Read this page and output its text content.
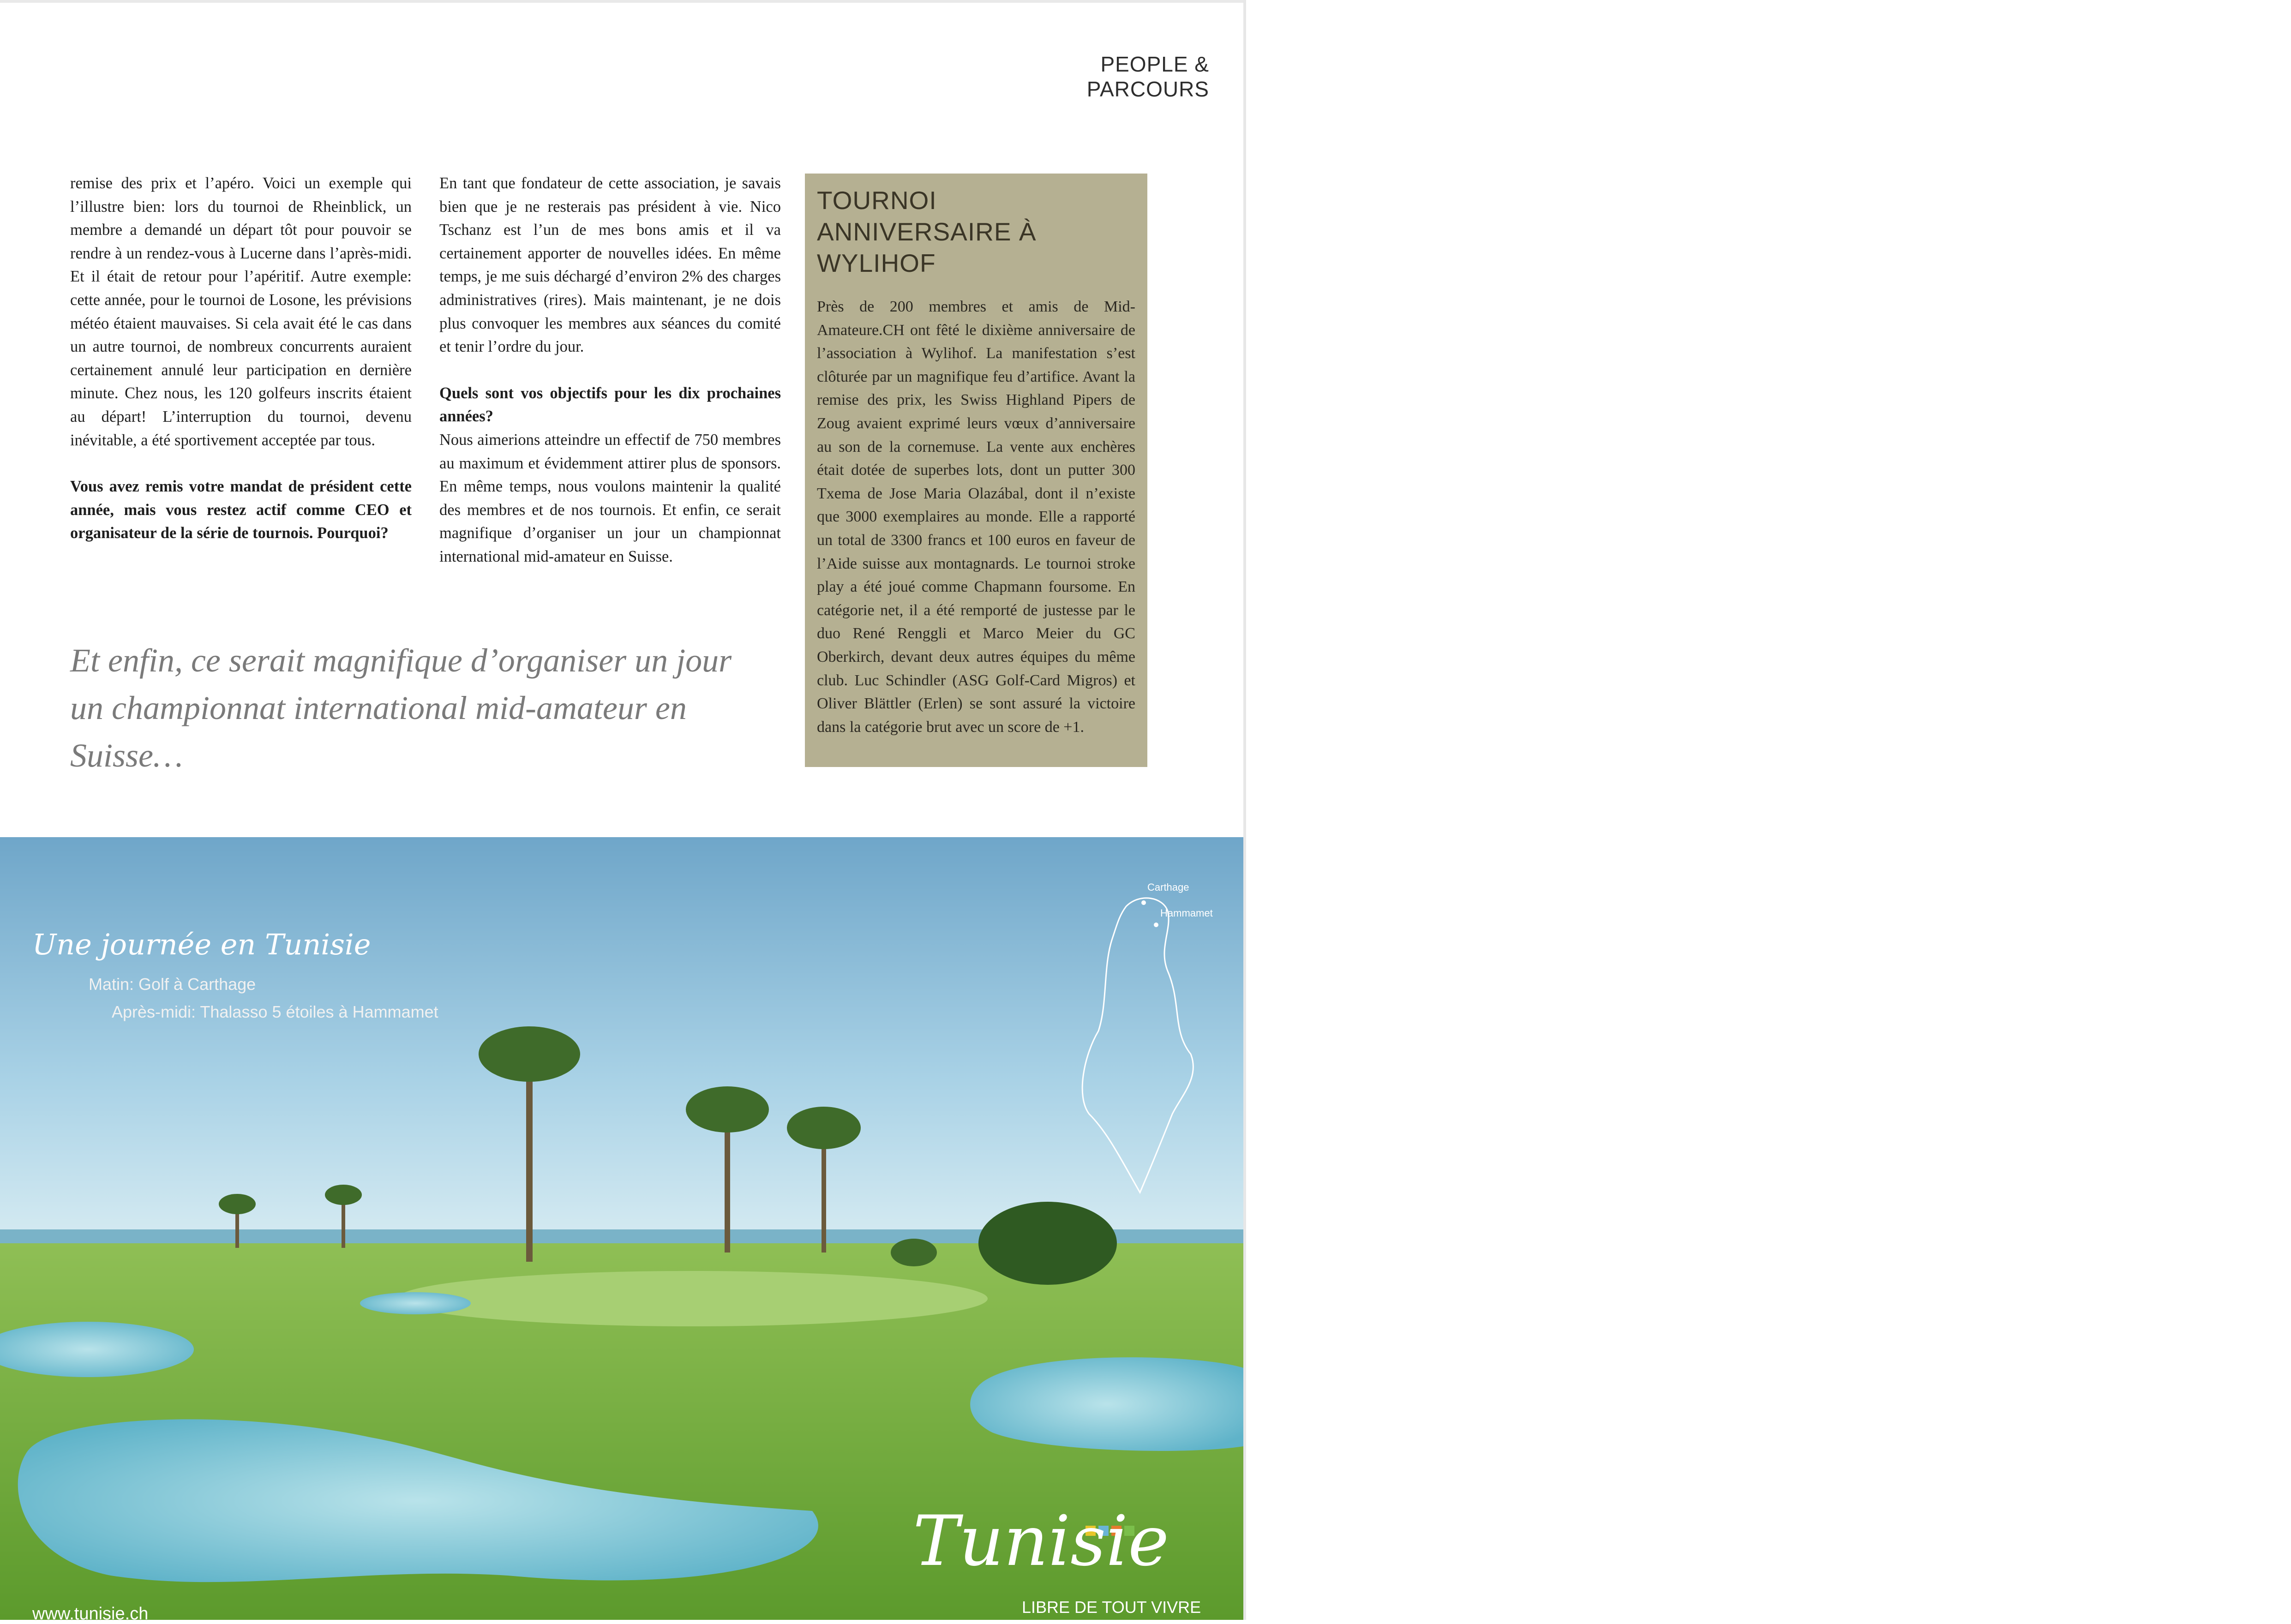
PEOPLE & PARCOURS

remise des prix et l’apéro. Voici un exemple qui l’illustre bien: lors du tournoi de Rheinblick, un membre a demandé un départ tôt pour pouvoir se rendre à un rendez-vous à Lucerne dans l’après-midi. Et il était de retour pour l’apéritif. Autre exemple: cette année, pour le tournoi de Losone, les prévisions météo étaient mauvaises. Si cela avait été le cas dans un autre tournoi, de nombreux concurrents auraient certainement annulé leur participation en dernière minute. Chez nous, les 120 golfeurs inscrits étaient au départ! L’interruption du tournoi, devenu inévitable, a été sportivement acceptée par tous.

Vous avez remis votre mandat de président cette année, mais vous restez actif comme CEO et organisateur de la série de tournois. Pourquoi?

En tant que fondateur de cette association, je savais bien que je ne resterais pas président à vie. Nico Tschanz est l’un de mes bons amis et il va certainement apporter de nouvelles idées. En même temps, je me suis déchargé d’environ 2% des charges administratives (rires). Mais maintenant, je ne dois plus convoquer les membres aux séances du comité et tenir l’ordre du jour.

Quels sont vos objectifs pour les dix prochaines années?

Nous aimerions atteindre un effectif de 750 membres au maximum et évidemment attirer plus de sponsors. En même temps, nous voulons maintenir la qualité des membres et de nos tournois. Et enfin, ce serait magnifique d’organiser un jour un championnat international mid-amateur en Suisse.

Et enfin, ce serait magnifique d’organiser un jour un championnat international mid-amateur en Suisse…

TOURNOI ANNIVERSAIRE À WYLIHOF

Près de 200 membres et amis de Mid-Amateure.CH ont fêté le dixième anniversaire de l’association à Wylihof. La manifestation s’est clôturée par un magnifique feu d’artifice. Avant la remise des prix, les Swiss Highland Pipers de Zoug avaient exprimé leurs vœux d’anniversaire au son de la cornemuse. La vente aux enchères était dotée de superbes lots, dont un putter 300 Txema de Jose Maria Olazábal, dont il n’existe que 3000 exemplaires au monde. Elle a rapporté un total de 3300 francs et 100 euros en faveur de l’Aide suisse aux montagnards. Le tournoi stroke play a été joué comme Chapmann foursome. En catégorie net, il a été remporté de justesse par le duo René Renggli et Marco Meier du GC Oberkirch, devant deux autres équipes du même club. Luc Schindler (ASG Golf-Card Migros) et Oliver Blättler (Erlen) se sont assuré la victoire dans la catégorie brut avec un score de +1.

Une journée en Tunisie

Matin: Golf à Carthage

Après-midi: Thalasso 5 étoiles à Hammamet

Carthage

Hammamet

Tunisie

LIBRE DE TOUT VIVRE

www.tunisie.ch
